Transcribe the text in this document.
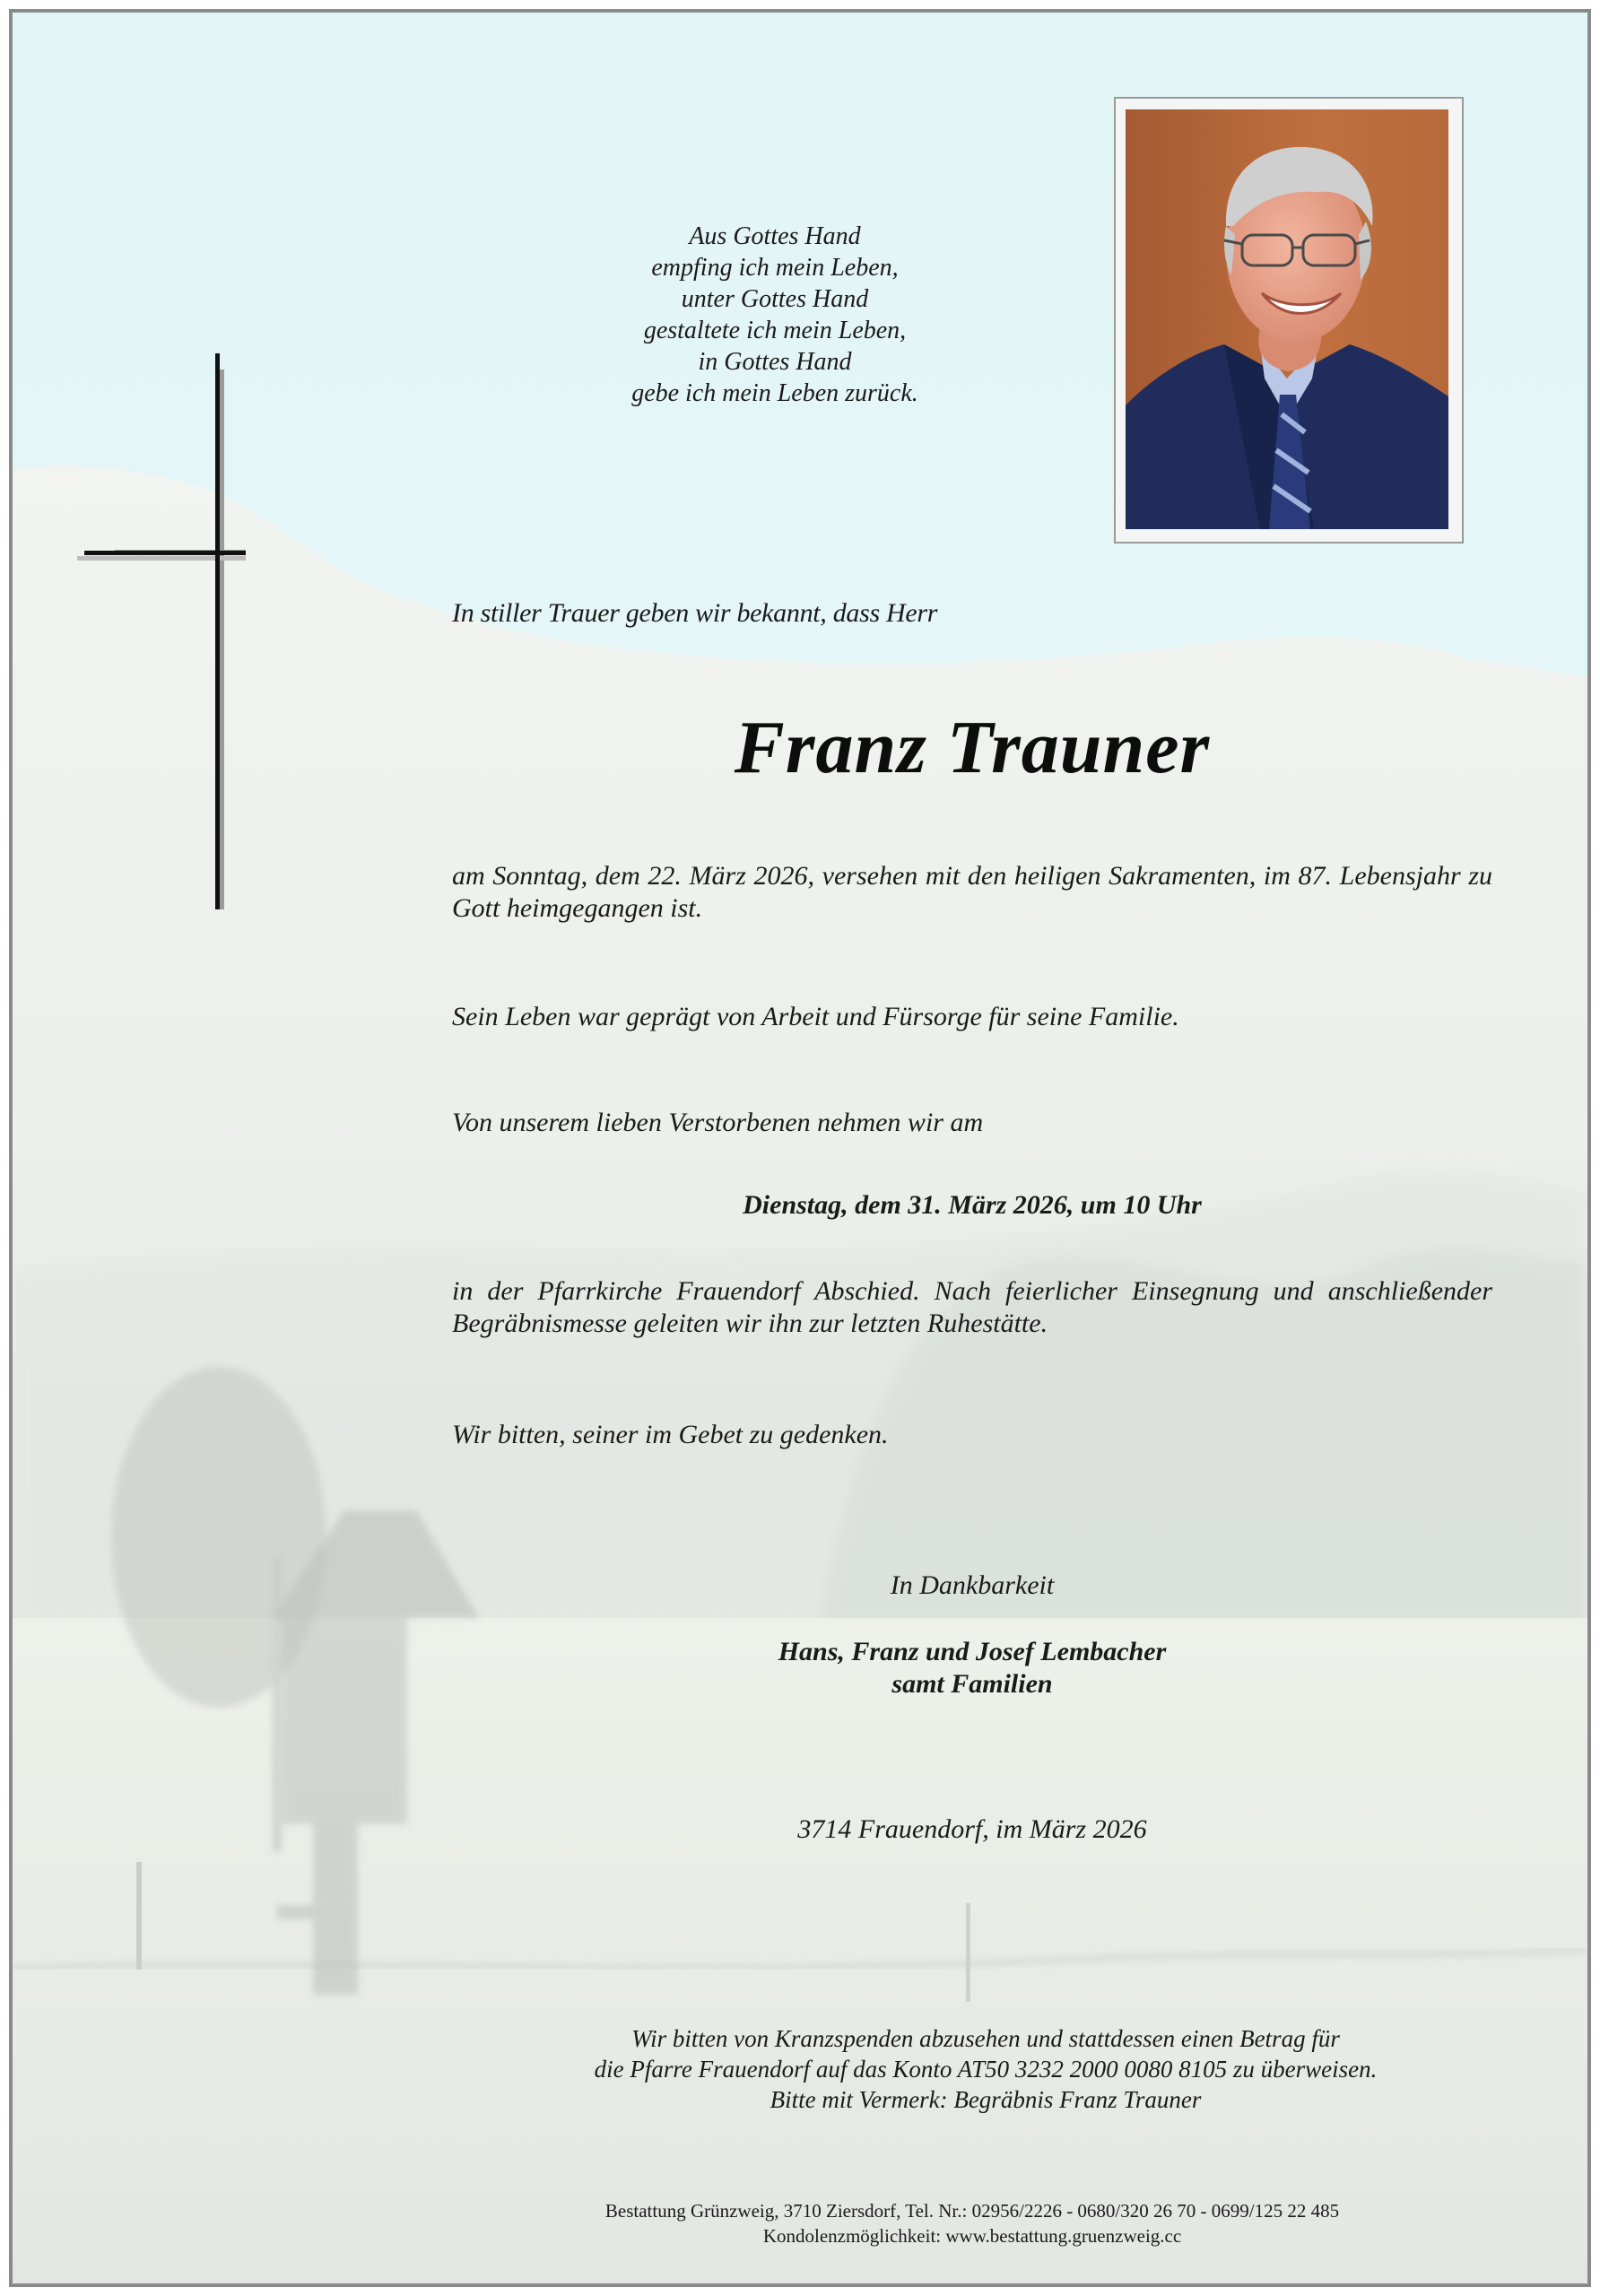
Aus Gottes Hand
empfing ich mein Leben,
unter Gottes Hand
gestaltete ich mein Leben,
in Gottes Hand
gebe ich mein Leben zurück.

In stiller Trauer geben wir bekannt, dass Herr

Franz Trauner

am Sonntag, dem 22. März 2026, versehen mit den heiligen Sakramenten, im 87. Lebensjahr zu Gott heimgegangen ist.

Sein Leben war geprägt von Arbeit und Fürsorge für seine Familie.

Von unserem lieben Verstorbenen nehmen wir am

Dienstag, dem 31. März 2026, um 10 Uhr

in der Pfarrkirche Frauendorf Abschied. Nach feierlicher Einsegnung und anschließender Begräbnismesse geleiten wir ihn zur letzten Ruhestätte.

Wir bitten, seiner im Gebet zu gedenken.

In Dankbarkeit

Hans, Franz und Josef Lembacher
samt Familien

3714 Frauendorf, im März 2026

Wir bitten von Kranzspenden abzusehen und stattdessen einen Betrag für
die Pfarre Frauendorf auf das Konto AT50 3232 2000 0080 8105 zu überweisen.
Bitte mit Vermerk: Begräbnis Franz Trauner
Bestattung Grünzweig, 3710 Ziersdorf, Tel. Nr.: 02956/2226 - 0680/320 26 70 - 0699/125 22 485
Kondolenzmöglichkeit: www.bestattung.gruenzweig.cc
